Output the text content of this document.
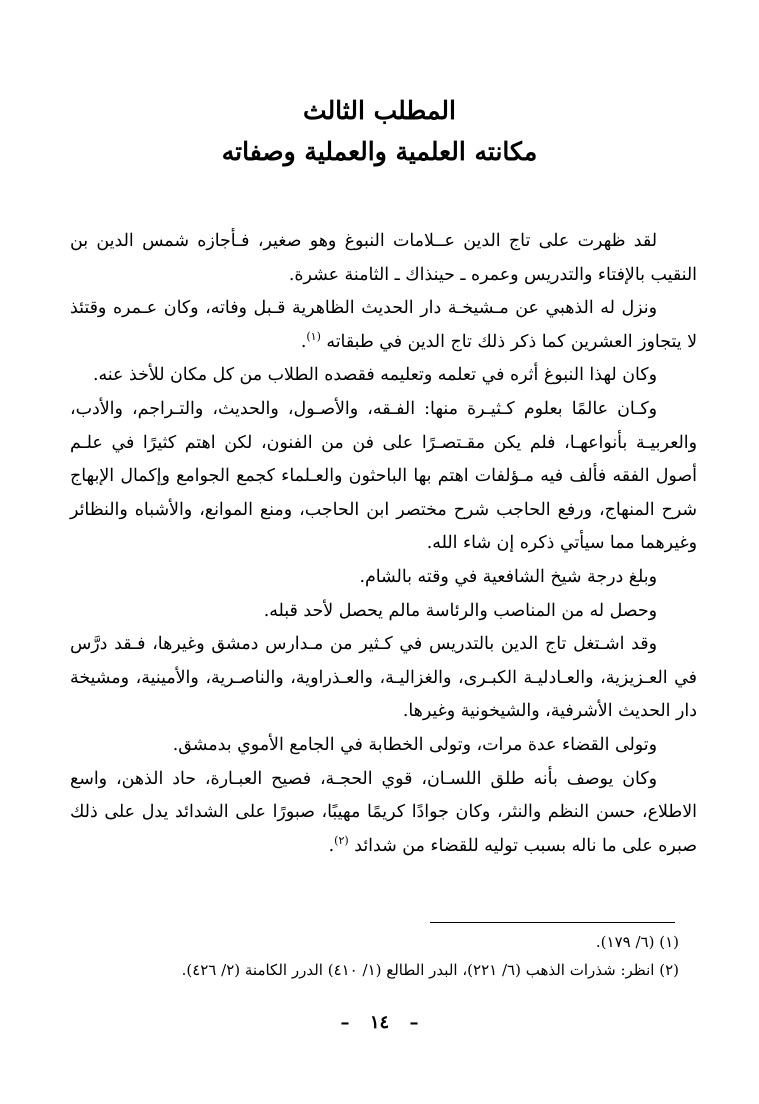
المطلب الثالث
مكانته العلمية والعملية وصفاته

لقد ظهرت على تاج الدين عــلامات النبوغ وهو صغير، فـأجازه شمس الدين بن النقيب بالإفتاء والتدريس وعمره ـ حينذاك ـ الثامنة عشرة.

ونزل له الذهبي عن مـشيخـة دار الحديث الظاهرية قـبل وفاته، وكان عـمره وقتئذ لا يتجاوز العشرين كما ذكر ذلك تاج الدين في طبقاته $^{(١)}$.

وكان لهذا النبوغ أثره في تعلمه وتعليمه فقصده الطلاب من كل مكان للأخذ عنه.

وكـان عالمًا بعلوم كـثيـرة منها: الفـقه، والأصـول، والحديث، والتـراجم، والأدب، والعربيـة بأنواعهـا، فلم يكن مقـتصـرًا على فن من الفنون، لكن اهتم كثيرًا في علـم أصول الفقه فألف فيه مـؤلفات اهتم بها الباحثون والعـلماء كجمع الجوامع وإكمال الإبهاج شرح المنهاج، ورفع الحاجب شرح مختصر ابن الحاجب، ومنع الموانع، والأشباه والنظائر وغيرهما مما سيأتي ذكره إن شاء الله.

وبلغ درجة شيخ الشافعية في وقته بالشام.

وحصل له من المناصب والرئاسة مالم يحصل لأحد قبله.

وقد اشـتغل تاج الدين بالتدريس في كـثير من مـدارس دمشق وغيرها، فـقد درَّس في العـزيزية، والعـادليـة الكبـرى، والغزاليـة، والعـذراوية، والناصـرية، والأمينية، ومشيخة دار الحديث الأشرفية، والشيخونية وغيرها.

وتولى القضاء عدة مرات، وتولى الخطابة في الجامع الأموي بدمشق.

وكان يوصف بأنه طلق اللسـان، قوي الحجـة، فصيح العبـارة، حاد الذهن، واسع الاطلاع، حسن النظم والنثر، وكان جوادًا كريمًا مهيبًا، صبورًا على الشدائد يدل على ذلك صبره على ما ناله بسبب توليه للقضاء من شدائد $^{(٢)}$.

(١) (٦/ ١٧٩).

(٢) انظر: شذرات الذهب (٦/ ٢٢١)، البدر الطالع (١/ ٤١٠) الدرر الكامنة (٢/ ٤٢٦).

– ١٤ –
